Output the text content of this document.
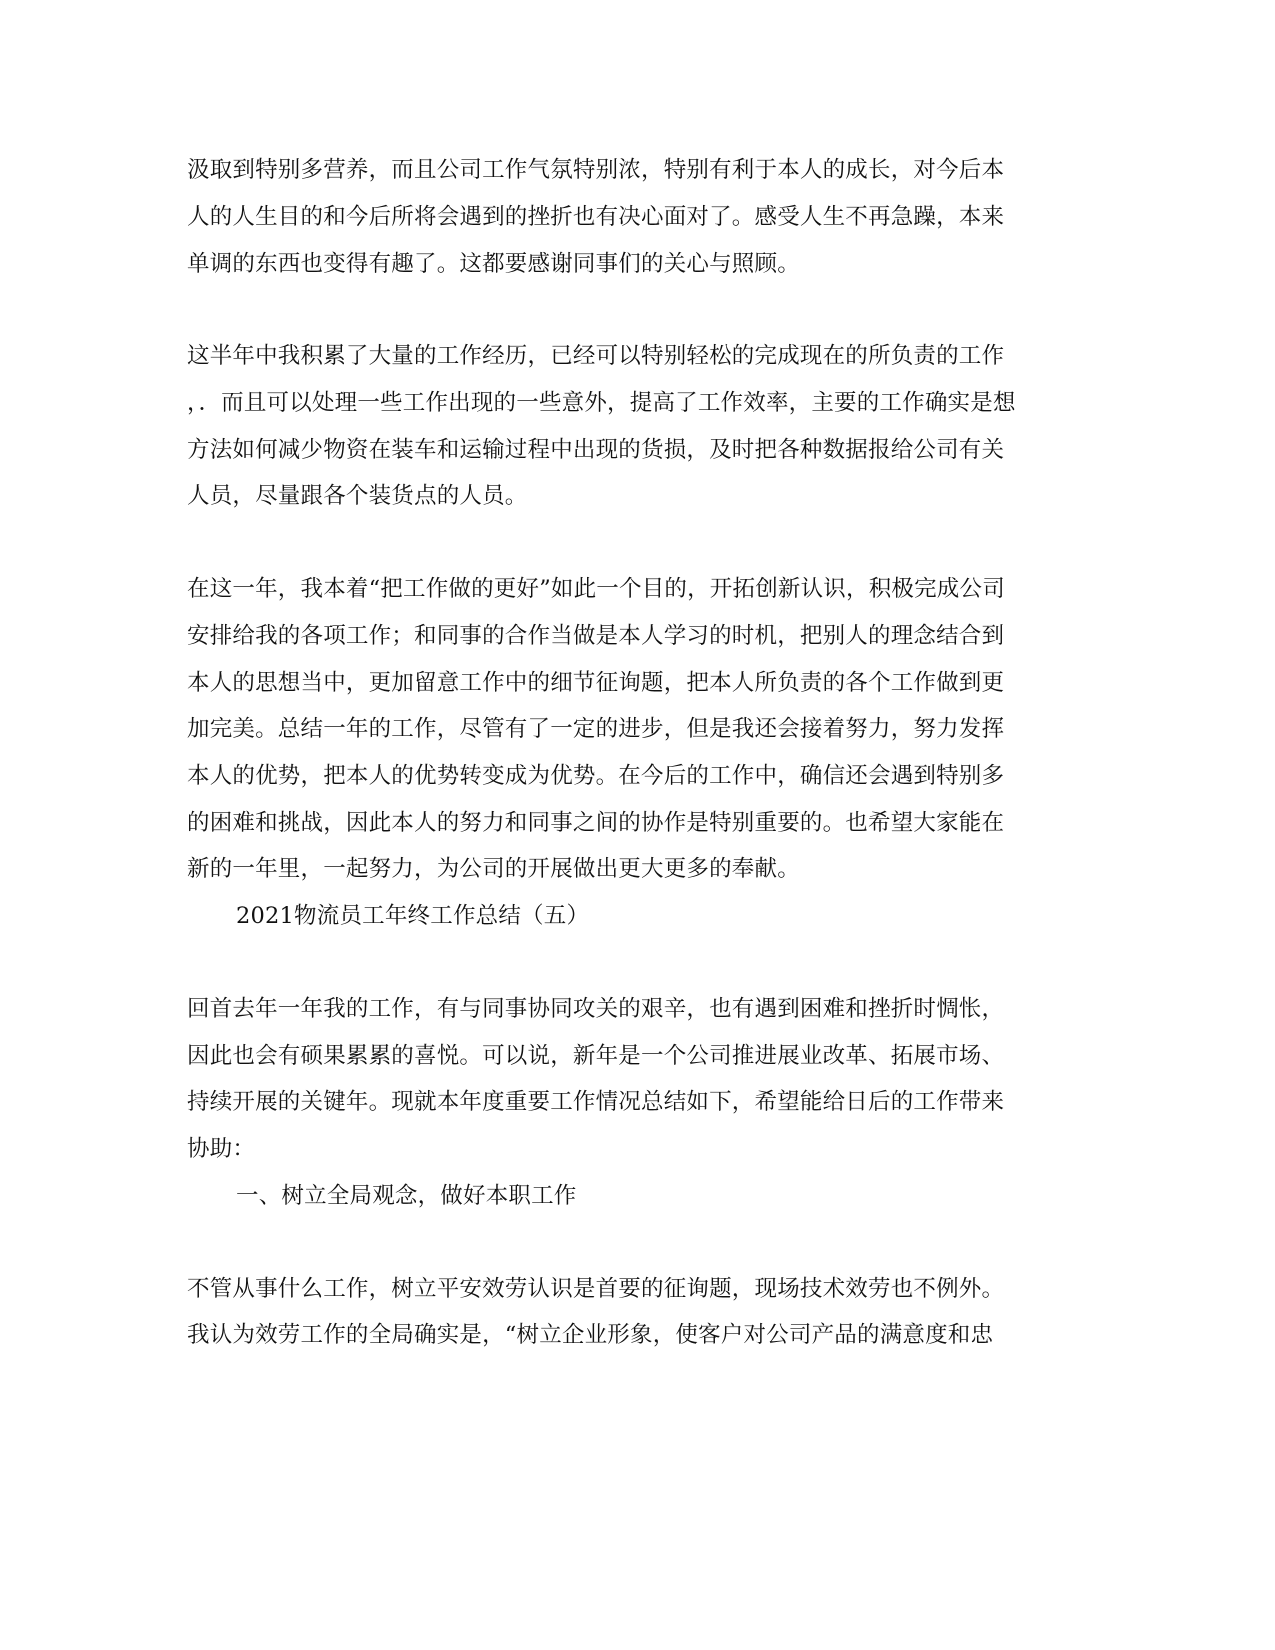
汲取到特别多营养，而且公司工作气氛特别浓，特别有利于本人的成长，对今后本
人的人生目的和今后所将会遇到的挫折也有决心面对了。感受人生不再急躁，本来
单调的东西也变得有趣了。这都要感谢同事们的关心与照顾。
这半年中我积累了大量的工作经历，已经可以特别轻松的完成现在的所负责的工作
，．而且可以处理一些工作出现的一些意外，提高了工作效率，主要的工作确实是想
方法如何减少物资在装车和运输过程中出现的货损，及时把各种数据报给公司有关
人员，尽量跟各个装货点的人员。
在这一年，我本着“把工作做的更好”如此一个目的，开拓创新认识，积极完成公司
安排给我的各项工作；和同事的合作当做是本人学习的时机，把别人的理念结合到
本人的思想当中，更加留意工作中的细节征询题，把本人所负责的各个工作做到更
加完美。总结一年的工作，尽管有了一定的进步，但是我还会接着努力，努力发挥
本人的优势，把本人的优势转变成为优势。在今后的工作中，确信还会遇到特别多
的困难和挑战，因此本人的努力和同事之间的协作是特别重要的。也希望大家能在
新的一年里，一起努力，为公司的开展做出更大更多的奉献。
2021物流员工年终工作总结（五）
回首去年一年我的工作，有与同事协同攻关的艰辛，也有遇到困难和挫折时惆怅，
因此也会有硕果累累的喜悦。可以说，新年是一个公司推进展业改革、拓展市场、
持续开展的关键年。现就本年度重要工作情况总结如下，希望能给日后的工作带来
协助：
一、树立全局观念，做好本职工作
不管从事什么工作，树立平安效劳认识是首要的征询题，现场技术效劳也不例外。
我认为效劳工作的全局确实是，“树立企业形象，使客户对公司产品的满意度和忠
